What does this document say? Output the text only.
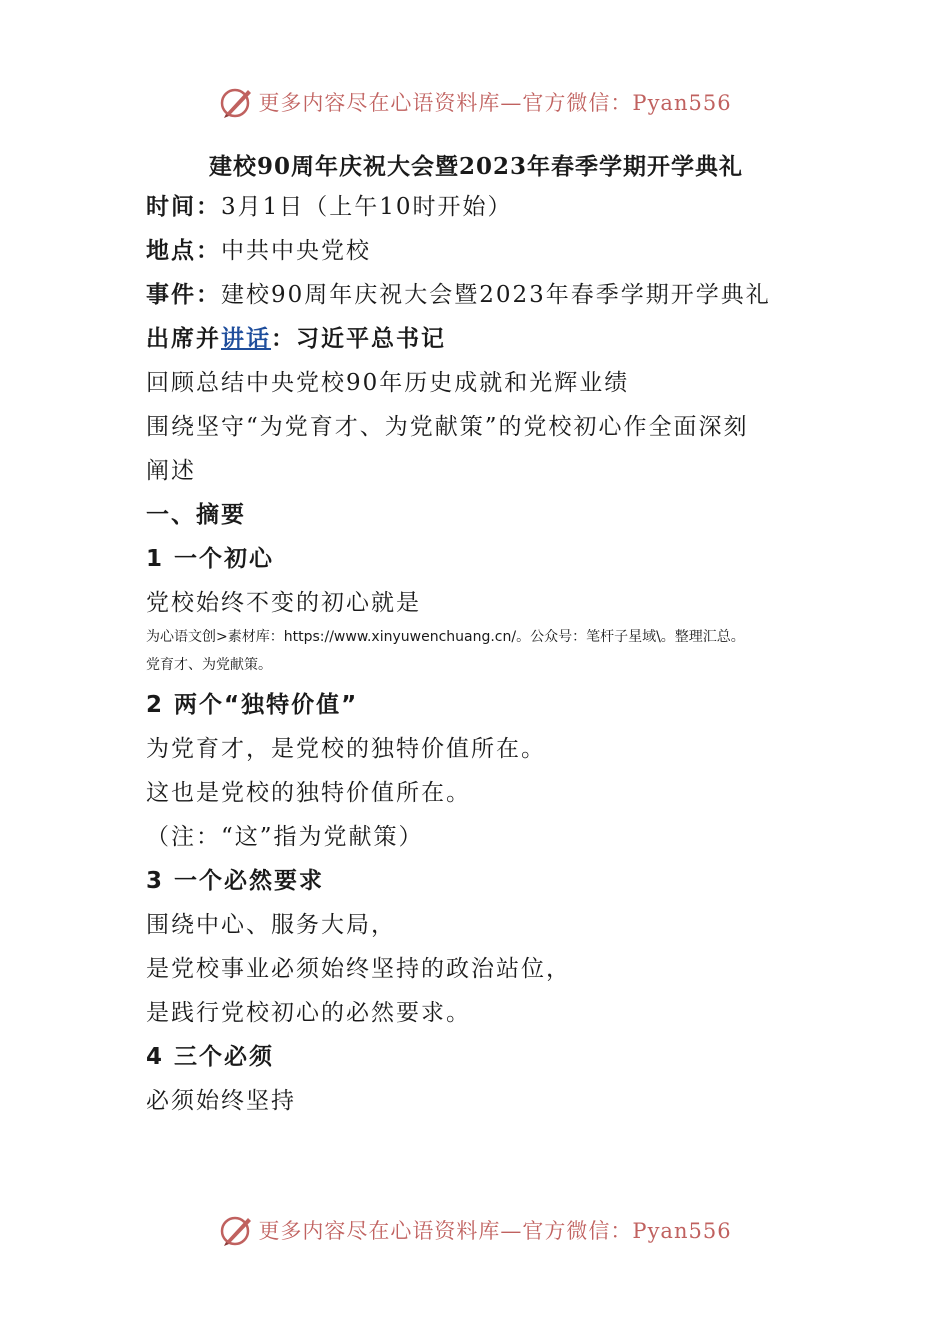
更多内容尽在心语资料库—官方微信：Pyan556
建校90周年庆祝大会暨2023年春季学期开学典礼
时间：3月1日（上午10时开始）
地点：中共中央党校
事件：建校90周年庆祝大会暨2023年春季学期开学典礼
出席并讲话：习近平总书记
回顾总结中央党校90年历史成就和光辉业绩
围绕坚守“为党育才、为党献策”的党校初心作全面深刻
阐述
一、摘要
1 一个初心
党校始终不变的初心就是
为心语文创>素材库：https://www.xinyuwenchuang.cn/。公众号：笔杆子星域\。整理汇总。
党育才、为党献策。
2 两个“独特价值”
为党育才，是党校的独特价值所在。
这也是党校的独特价值所在。
（注：“这”指为党献策）
3 一个必然要求
围绕中心、服务大局，
是党校事业必须始终坚持的政治站位，
是践行党校初心的必然要求。
4 三个必须
必须始终坚持
更多内容尽在心语资料库—官方微信：Pyan556
